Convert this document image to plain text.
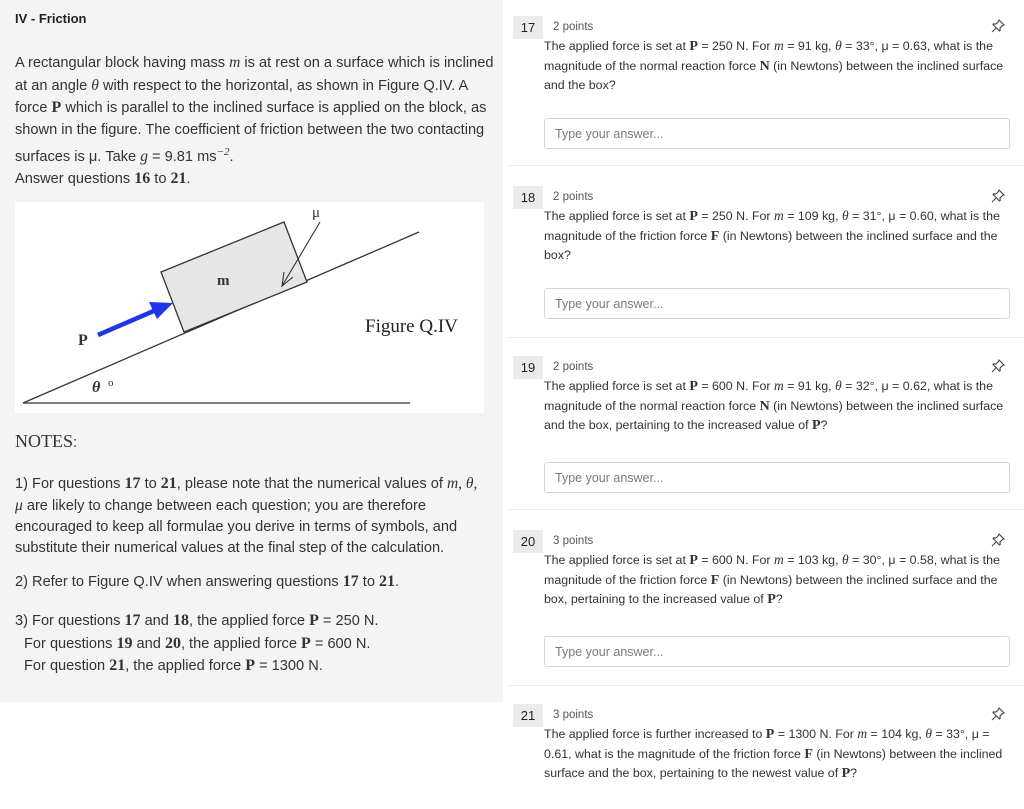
IV - Friction
A rectangular block having mass m is at rest on a surface which is inclined at an angle θ with respect to the horizontal, as shown in Figure Q.IV. A force P which is parallel to the inclined surface is applied on the block, as shown in the figure. The coefficient of friction between the two contacting surfaces is μ. Take g = 9.81 $ms^{-2}$.
Answer questions 16 to 21.
μ
m
P
θ o
Figure Q.IV
NOTES:
1) For questions 17 to 21, please note that the numerical values of m, θ, μ are likely to change between each question; you are therefore encouraged to keep all formulae you derive in terms of symbols, and substitute their numerical values at the final step of the calculation.
2) Refer to Figure Q.IV when answering questions 17 to 21.
3) For questions 17 and 18, the applied force P = 250 N.
For questions 19 and 20, the applied force P = 600 N.
For question 21, the applied force P = 1300 N.
17	2 points
The applied force is set at P = 250 N. For m = 91 kg, θ = 33°, μ = 0.63, what is the magnitude of the normal reaction force N (in Newtons) between the inclined surface and the box?
Type your answer...
18	2 points
The applied force is set at P = 250 N. For m = 109 kg, θ = 31°, μ = 0.60, what is the magnitude of the friction force F (in Newtons) between the inclined surface and the box?
Type your answer...
19	2 points
The applied force is set at P = 600 N. For m = 91 kg, θ = 32°, μ = 0.62, what is the magnitude of the normal reaction force N (in Newtons) between the inclined surface and the box, pertaining to the increased value of P?
Type your answer...
20	3 points
The applied force is set at P = 600 N. For m = 103 kg, θ = 30°, μ = 0.58, what is the magnitude of the friction force F (in Newtons) between the inclined surface and the box, pertaining to the increased value of P?
Type your answer...
21	3 points
The applied force is further increased to P = 1300 N. For m = 104 kg, θ = 33°, μ = 0.61, what is the magnitude of the friction force F (in Newtons) between the inclined surface and the box, pertaining to the newest value of P?
